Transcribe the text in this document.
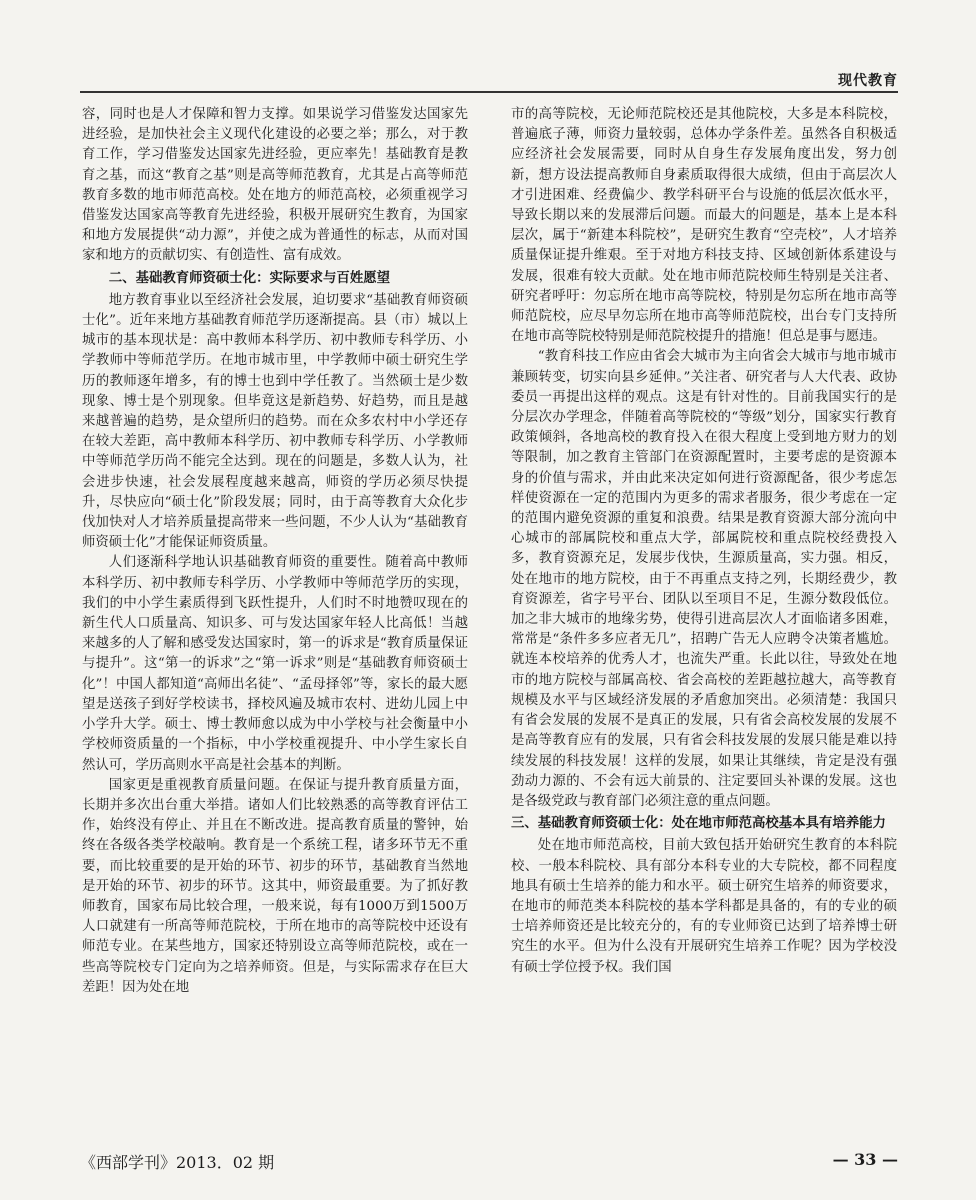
现代教育

容，同时也是人才保障和智力支撑。如果说学习借鉴发达国家先进经验，是加快社会主义现代化建设的必要之举；那么，对于教育工作，学习借鉴发达国家先进经验，更应率先！基础教育是教育之基，而这“教育之基”则是高等师范教育，尤其是占高等师范教育多数的地市师范高校。处在地方的师范高校，必须重视学习借鉴发达国家高等教育先进经验，积极开展研究生教育，为国家和地方发展提供“动力源”，并使之成为普通性的标志，从而对国家和地方的贡献切实、有创造性、富有成效。

二、基础教育师资硕士化：实际要求与百姓愿望

地方教育事业以至经济社会发展，迫切要求“基础教育师资硕士化”。近年来地方基础教育师范学历逐渐提高。县（市）城以上城市的基本现状是：高中教师本科学历、初中教师专科学历、小学教师中等师范学历。在地市城市里，中学教师中硕士研究生学历的教师逐年增多，有的博士也到中学任教了。当然硕士是少数现象、博士是个别现象。但毕竟这是新趋势、好趋势，而且是越来越普遍的趋势，是众望所归的趋势。而在众多农村中小学还存在较大差距，高中教师本科学历、初中教师专科学历、小学教师中等师范学历尚不能完全达到。现在的问题是，多数人认为，社会进步快速，社会发展程度越来越高，师资的学历必须尽快提升，尽快应向“硕士化”阶段发展；同时，由于高等教育大众化步伐加快对人才培养质量提高带来一些问题，不少人认为“基础教育师资硕士化”才能保证师资质量。

人们逐渐科学地认识基础教育师资的重要性。随着高中教师本科学历、初中教师专科学历、小学教师中等师范学历的实现，我们的中小学生素质得到飞跃性提升，人们时不时地赞叹现在的新生代人口质量高、知识多、可与发达国家年轻人比高低！当越来越多的人了解和感受发达国家时，第一的诉求是“教育质量保证与提升”。这“第一的诉求”之“第一诉求”则是“基础教育师资硕士化”！中国人都知道“高师出名徒”、“孟母择邻”等，家长的最大愿望是送孩子到好学校读书，择校风遍及城市农村、进幼儿园上中小学升大学。硕士、博士教师愈以成为中小学校与社会衡量中小学校师资质量的一个指标，中小学校重视提升、中小学生家长自然认可，学历高则水平高是社会基本的判断。

国家更是重视教育质量问题。在保证与提升教育质量方面，长期并多次出台重大举措。诸如人们比较熟悉的高等教育评估工作，始终没有停止、并且在不断改进。提高教育质量的警钟，始终在各级各类学校敲响。教育是一个系统工程，诸多环节无不重要，而比较重要的是开始的环节、初步的环节，基础教育当然地是开始的环节、初步的环节。这其中，师资最重要。为了抓好教师教育，国家布局比较合理，一般来说，每有1000万到1500万人口就建有一所高等师范院校，于所在地市的高等院校中还设有师范专业。在某些地方，国家还特别设立高等师范院校，或在一些高等院校专门定向为之培养师资。但是，与实际需求存在巨大差距！因为处在地

市的高等院校，无论师范院校还是其他院校，大多是本科院校，普遍底子薄，师资力量较弱，总体办学条件差。虽然各自积极适应经济社会发展需要，同时从自身生存发展角度出发，努力创新，想方设法提高教师自身素质取得很大成绩，但由于高层次人才引进困难、经费偏少、教学科研平台与设施的低层次低水平，导致长期以来的发展滞后问题。而最大的问题是，基本上是本科层次，属于“新建本科院校”，是研究生教育“空壳校”，人才培养质量保证提升维艰。至于对地方科技支持、区域创新体系建设与发展，很难有较大贡献。处在地市师范院校师生特别是关注者、研究者呼吁：勿忘所在地市高等院校，特别是勿忘所在地市高等师范院校，应尽早勿忘所在地市高等师范院校，出台专门支持所在地市高等院校特别是师范院校提升的措施！但总是事与愿违。

“教育科技工作应由省会大城市为主向省会大城市与地市城市兼顾转变，切实向县乡延伸。”关注者、研究者与人大代表、政协委员一再提出这样的观点。这是有针对性的。目前我国实行的是分层次办学理念，伴随着高等院校的“等级”划分，国家实行教育政策倾斜，各地高校的教育投入在很大程度上受到地方财力的划等限制，加之教育主管部门在资源配置时，主要考虑的是资源本身的价值与需求，并由此来决定如何进行资源配备，很少考虑怎样使资源在一定的范围内为更多的需求者服务，很少考虑在一定的范围内避免资源的重复和浪费。结果是教育资源大部分流向中心城市的部属院校和重点大学，部属院校和重点院校经费投入多，教育资源充足，发展步伐快，生源质量高，实力强。相反，处在地市的地方院校，由于不再重点支持之列，长期经费少，教育资源差，省字号平台、团队以至项目不足，生源分数段低位。加之非大城市的地缘劣势，使得引进高层次人才面临诸多困难，常常是“条件多多应者无几”，招聘广告无人应聘令决策者尴尬。就连本校培养的优秀人才，也流失严重。长此以往，导致处在地市的地方院校与部属高校、省会高校的差距越拉越大，高等教育规模及水平与区域经济发展的矛盾愈加突出。必须清楚：我国只有省会发展的发展不是真正的发展，只有省会高校发展的发展不是高等教育应有的发展，只有省会科技发展的发展只能是难以持续发展的科技发展！这样的发展，如果让其继续，肯定是没有强劲动力源的、不会有远大前景的、注定要回头补课的发展。这也是各级党政与教育部门必须注意的重点问题。

三、基础教育师资硕士化：处在地市师范高校基本具有培养能力

处在地市师范高校，目前大致包括开始研究生教育的本科院校、一般本科院校、具有部分本科专业的大专院校，都不同程度地具有硕士生培养的能力和水平。硕士研究生培养的师资要求，在地市的师范类本科院校的基本学科都是具备的，有的专业的硕士培养师资还是比较充分的，有的专业师资已达到了培养博士研究生的水平。但为什么没有开展研究生培养工作呢？因为学校没有硕士学位授予权。我们国

《西部学刊》2013．02 期	— 33 —
